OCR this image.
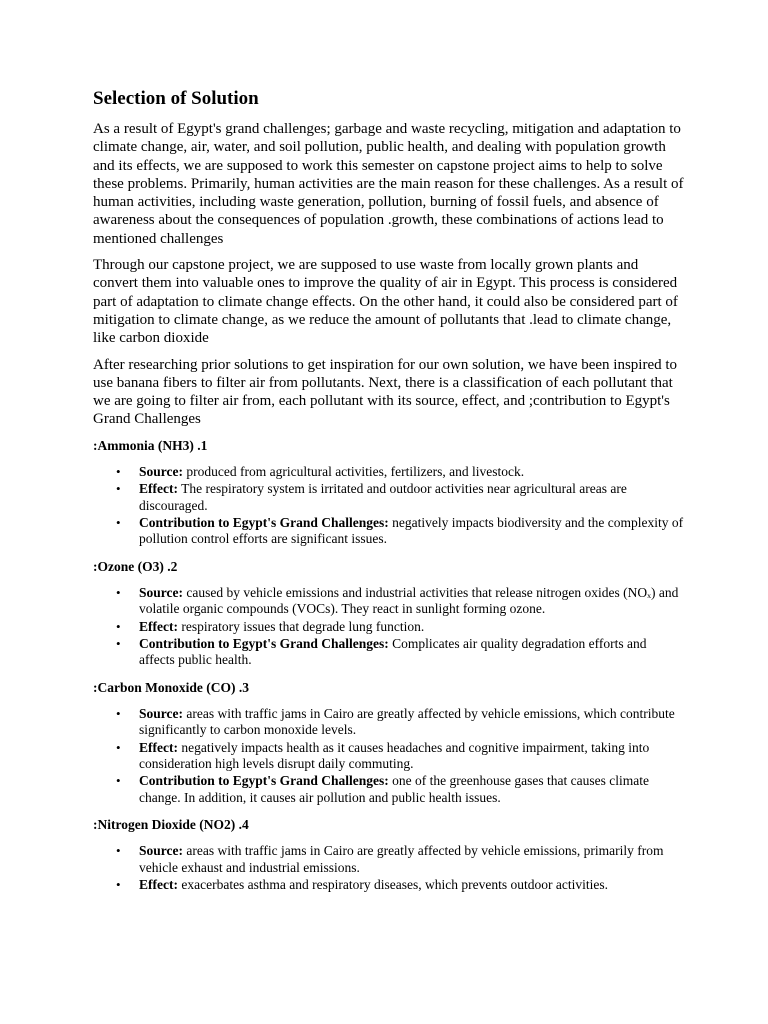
Selection of Solution

As a result of Egypt's grand challenges; garbage and waste recycling, mitigation and adaptation to climate change, air, water, and soil pollution, public health, and dealing with population growth and its effects, we are supposed to work this semester on capstone project aims to help to solve these problems. Primarily, human activities are the main reason for these challenges. As a result of human activities, including waste generation, pollution, burning of fossil fuels, and absence of awareness about the consequences of population .growth, these combinations of actions lead to mentioned challenges

Through our capstone project, we are supposed to use waste from locally grown plants and convert them into valuable ones to improve the quality of air in Egypt. This process is considered part of adaptation to climate change effects. On the other hand, it could also be considered part of mitigation to climate change, as we reduce the amount of pollutants that .lead to climate change, like carbon dioxide

After researching prior solutions to get inspiration for our own solution, we have been inspired to use banana fibers to filter air from pollutants. Next, there is a classification of each pollutant that we are going to filter air from, each pollutant with its source, effect, and ;contribution to Egypt's Grand Challenges

:Ammonia (NH3) .1
• Source: produced from agricultural activities, fertilizers, and livestock.
• Effect: The respiratory system is irritated and outdoor activities near agricultural areas are discouraged.
• Contribution to Egypt's Grand Challenges: negatively impacts biodiversity and the complexity of pollution control efforts are significant issues.
:Ozone (O3) .2
• Source: caused by vehicle emissions and industrial activities that release nitrogen oxides (NOₓ) and volatile organic compounds (VOCs). They react in sunlight forming ozone.
• Effect: respiratory issues that degrade lung function.
• Contribution to Egypt's Grand Challenges: Complicates air quality degradation efforts and affects public health.
:Carbon Monoxide (CO) .3
• Source: areas with traffic jams in Cairo are greatly affected by vehicle emissions, which contribute significantly to carbon monoxide levels.
• Effect: negatively impacts health as it causes headaches and cognitive impairment, taking into consideration high levels disrupt daily commuting.
• Contribution to Egypt's Grand Challenges: one of the greenhouse gases that causes climate change. In addition, it causes air pollution and public health issues.
:Nitrogen Dioxide (NO2) .4
• Source: areas with traffic jams in Cairo are greatly affected by vehicle emissions, primarily from vehicle exhaust and industrial emissions.
• Effect: exacerbates asthma and respiratory diseases, which prevents outdoor activities.
